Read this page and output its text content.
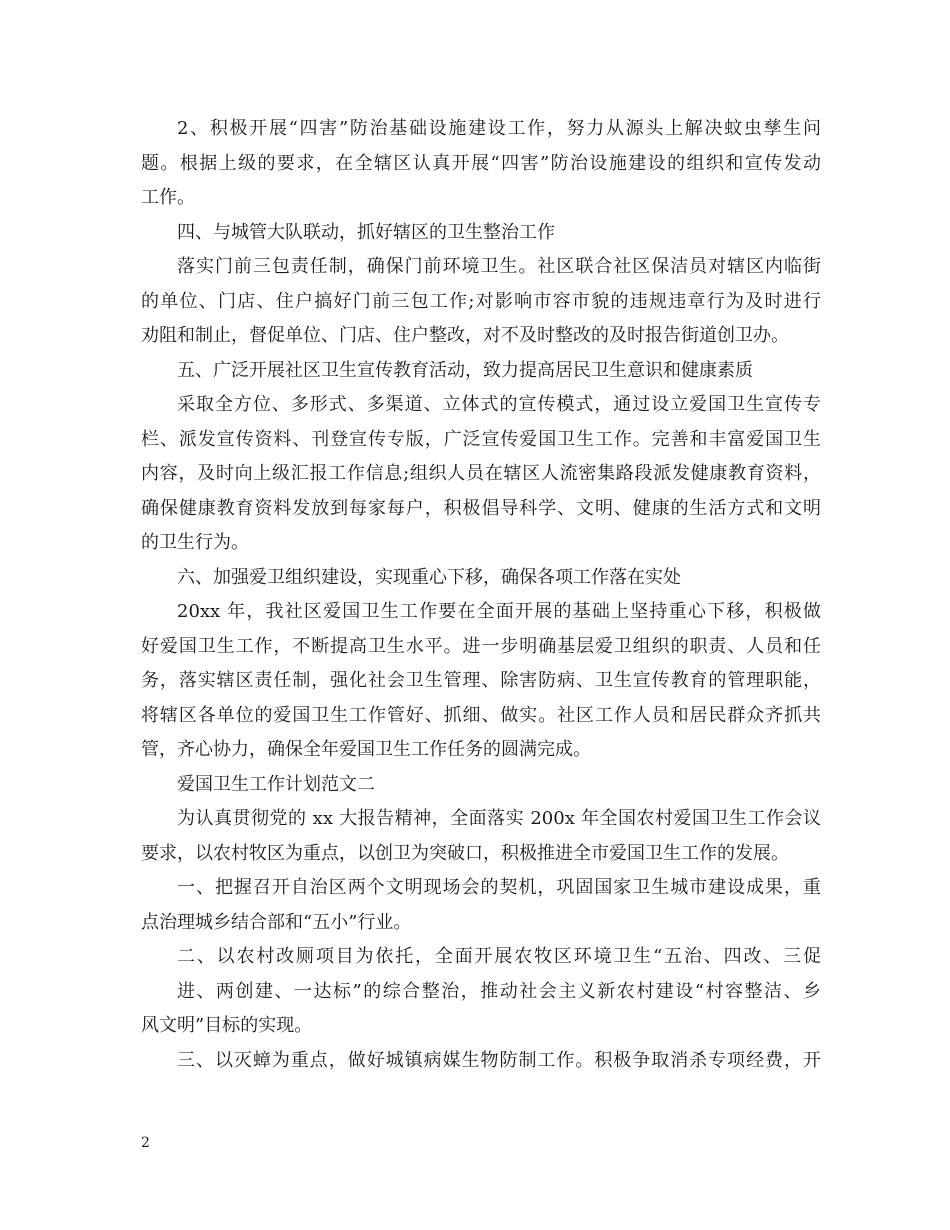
2、积极开展“四害”防治基础设施建设工作，努力从源头上解决蚊虫孳生问
题。根据上级的要求，在全辖区认真开展“四害”防治设施建设的组织和宣传发动
工作。
四、与城管大队联动，抓好辖区的卫生整治工作
落实门前三包责任制，确保门前环境卫生。社区联合社区保洁员对辖区内临街
的单位、门店、住户搞好门前三包工作;对影响市容市貌的违规违章行为及时进行
劝阻和制止，督促单位、门店、住户整改，对不及时整改的及时报告街道创卫办。
五、广泛开展社区卫生宣传教育活动，致力提高居民卫生意识和健康素质
采取全方位、多形式、多渠道、立体式的宣传模式，通过设立爱国卫生宣传专
栏、派发宣传资料、刊登宣传专版，广泛宣传爱国卫生工作。完善和丰富爱国卫生
内容，及时向上级汇报工作信息;组织人员在辖区人流密集路段派发健康教育资料，
确保健康教育资料发放到每家每户，积极倡导科学、文明、健康的生活方式和文明
的卫生行为。
六、加强爱卫组织建设，实现重心下移，确保各项工作落在实处
20xx 年，我社区爱国卫生工作要在全面开展的基础上坚持重心下移，积极做
好爱国卫生工作，不断提高卫生水平。进一步明确基层爱卫组织的职责、人员和任
务，落实辖区责任制，强化社会卫生管理、除害防病、卫生宣传教育的管理职能，
将辖区各单位的爱国卫生工作管好、抓细、做实。社区工作人员和居民群众齐抓共
管，齐心协力，确保全年爱国卫生工作任务的圆满完成。
爱国卫生工作计划范文二
为认真贯彻党的 xx 大报告精神，全面落实 200x 年全国农村爱国卫生工作会议
要求，以农村牧区为重点，以创卫为突破口，积极推进全市爱国卫生工作的发展。
一、把握召开自治区两个文明现场会的契机，巩固国家卫生城市建设成果，重
点治理城乡结合部和“五小”行业。
二、以农村改厕项目为依托，全面开展农牧区环境卫生“五治、四改、三促
进、两创建、一达标”的综合整治，推动社会主义新农村建设“村容整洁、乡
风文明”目标的实现。
三、以灭蟑为重点，做好城镇病媒生物防制工作。积极争取消杀专项经费，开
2
